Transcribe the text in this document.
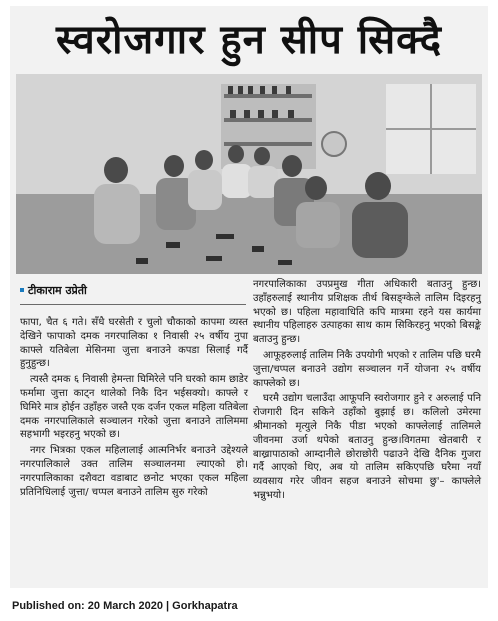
स्वरोजगार हुन सीप सिक्दै
टीकाराम उप्रेती

फापा, चैत ६ गते। सँधै घरसेती र चुलो चौकाको कापमा व्यस्त देखिने फापाको दमक नगरपालिका १ निवासी २५ वर्षीय नुपा काफ्ले यतिबेला मेसिनमा जुत्ता बनाउने कपडा सिलाई गर्दै हुनुहुन्छ।

त्यस्तै दमक ६ निवासी हेमन्ता घिमिरेले पनि घरको काम छाडेर फर्मामा जुत्ता काट्न थालेको निकै दिन भईसक्यो। काफ्ले र घिमिरे मात्र होईन उहाँहरु जस्तै एक दर्जन एकल महिला यतिबेला दमक नगरपालिकाले सञ्चालन गरेको जुत्ता बनाउने तालिममा सहभागी भइरहनु भएको छ।

नगर भित्रका एकल महिलालाई आत्मनिर्भर बनाउने उद्देश्यले नगरपालिकाले उक्त तालिम सञ्चालनमा ल्याएको हो। नगरपालिकाका दशैवटा वडाबाट छनोट भएका एकल महिला प्रतिनिधिलाई जुत्ता/ चप्पल बनाउने तालिम सुरु गरेको

नगरपालिकाका उपप्रमुख गीता अधिकारी बताउनु हुन्छ। उहाँहरुलाई स्थानीय प्रशिक्षक तीर्थ बिसङ्ग्केले तालिम दिइरहनु भएको छ। पहिला महावाधिति कपि मात्रमा रहने यस कार्यमा स्थानीय पहिलाहरु उत्पाहका साथ काम सिकिरहनु भएको बिसङ्के बताउनु हुन्छ।

आफूहरुलाई तालिम निकै उपयोगी भएको र तालिम पछि घरमै जुत्ता/चप्पल बनाउने उद्योग सञ्चालन गर्ने योजना २५ वर्षीय काफ्लेको छ।

घरमै उद्योग चलाउँदा आफूपनि स्वरोजगार हुने र अरुलाई पनि रोजगारी दिन सकिने उहाँको बुझाई छ। कलिलो उमेरमा श्रीमानको मृत्युले निकै पीडा भएको काफ्लेलाई तालिमले जीवनमा उर्जा थपेको बताउनु हुन्छ।विगतमा खेतबारी र बाख्रापाठाको आम्दानीले छोराछोरी पढाउने देखि दैनिक गुजरा गर्दै आएको थिए, अब यो तालिम सकिएपछि घरैमा नयाँ व्यवसाय गरेर जीवन सहज बनाउने सोचमा छु'– काफ्लेले भन्नुभयो।

Published on: 20 March 2020 | Gorkhapatra
